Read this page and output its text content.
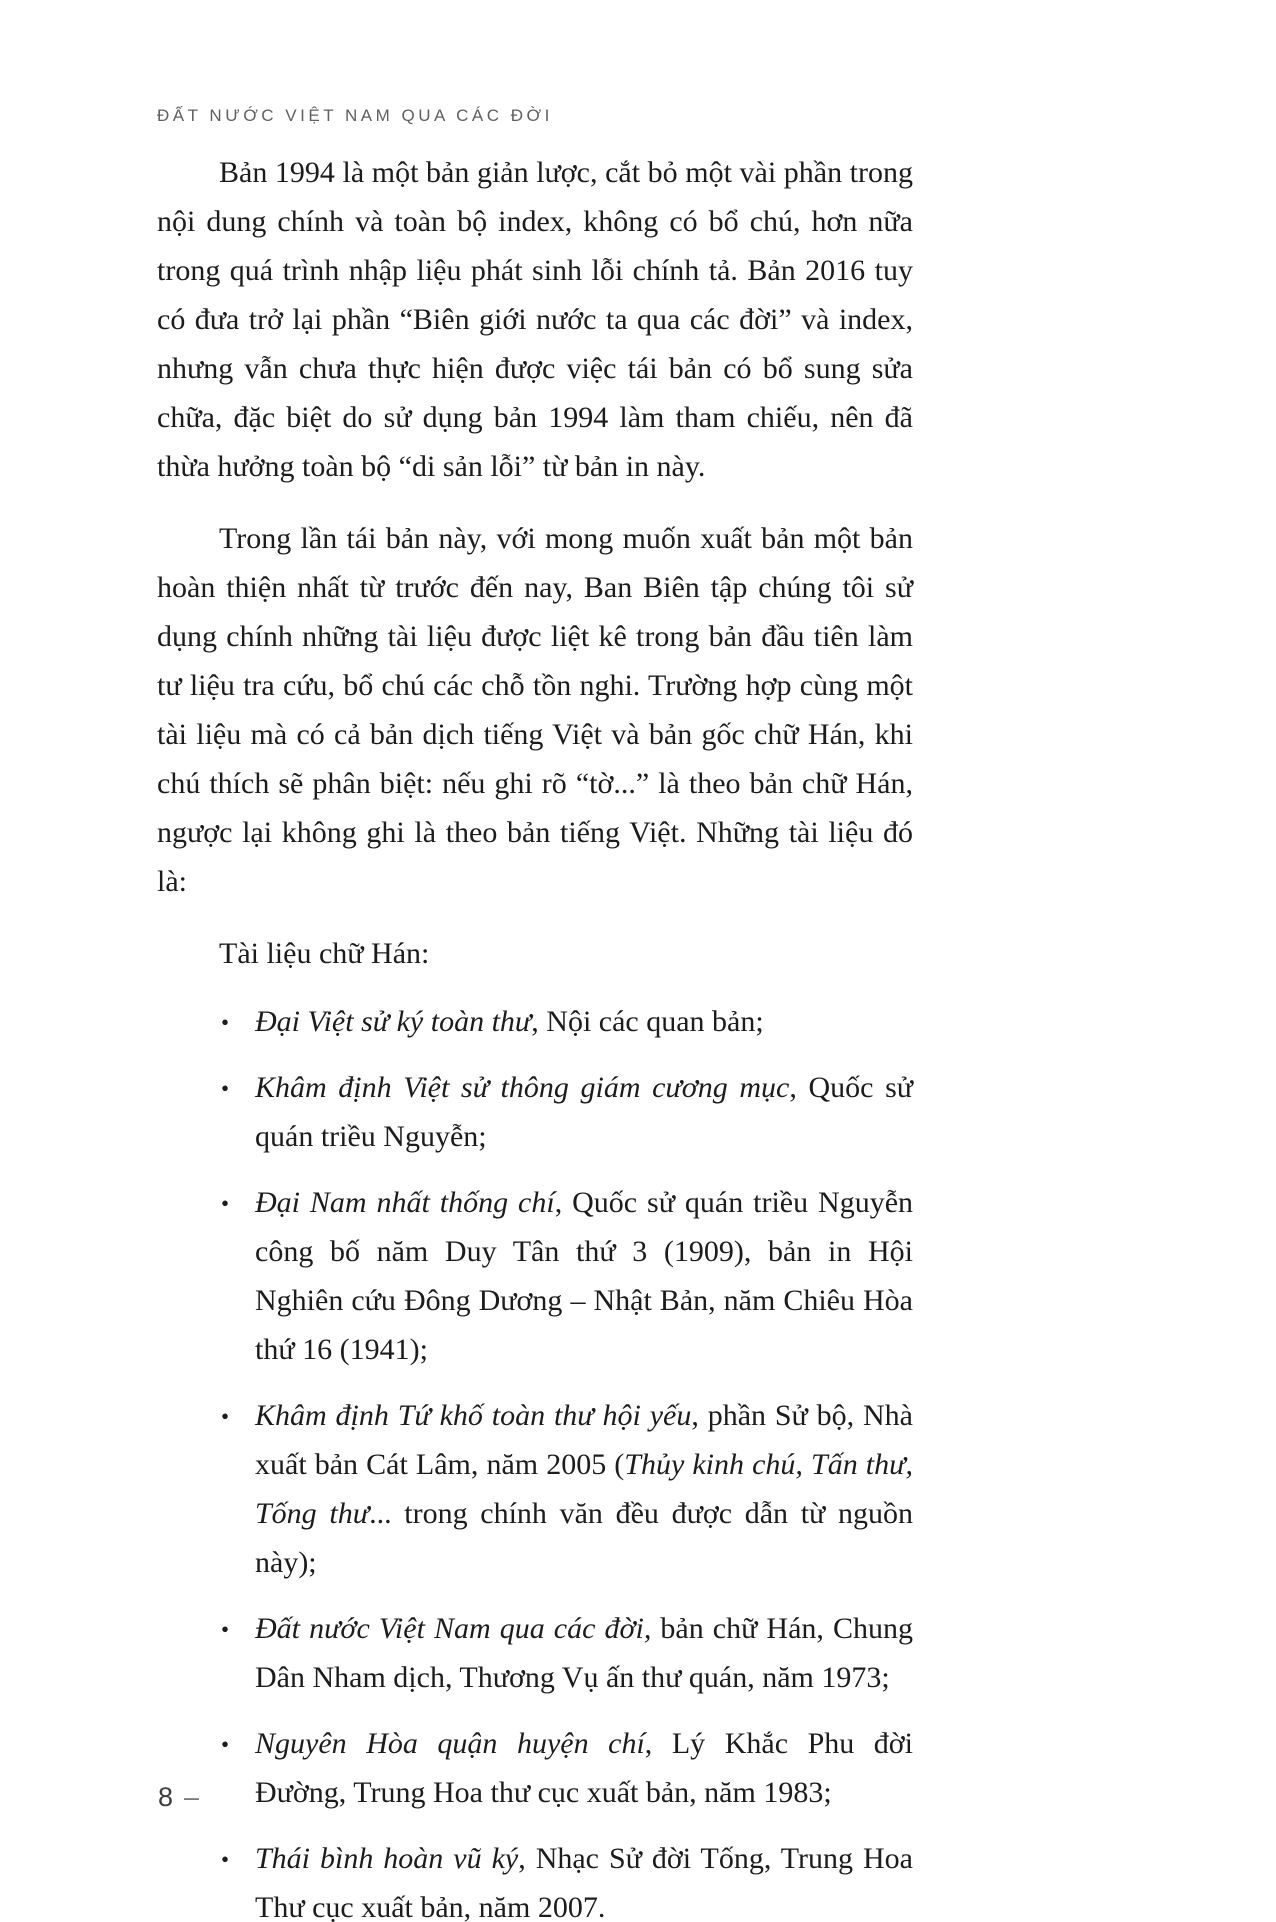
ĐẤT NƯỚC VIỆT NAM QUA CÁC ĐỜI

Bản 1994 là một bản giản lược, cắt bỏ một vài phần trong nội dung chính và toàn bộ index, không có bổ chú, hơn nữa trong quá trình nhập liệu phát sinh lỗi chính tả. Bản 2016 tuy có đưa trở lại phần “Biên giới nước ta qua các đời” và index, nhưng vẫn chưa thực hiện được việc tái bản có bổ sung sửa chữa, đặc biệt do sử dụng bản 1994 làm tham chiếu, nên đã thừa hưởng toàn bộ “di sản lỗi” từ bản in này.

Trong lần tái bản này, với mong muốn xuất bản một bản hoàn thiện nhất từ trước đến nay, Ban Biên tập chúng tôi sử dụng chính những tài liệu được liệt kê trong bản đầu tiên làm tư liệu tra cứu, bổ chú các chỗ tồn nghi. Trường hợp cùng một tài liệu mà có cả bản dịch tiếng Việt và bản gốc chữ Hán, khi chú thích sẽ phân biệt: nếu ghi rõ “tờ...” là theo bản chữ Hán, ngược lại không ghi là theo bản tiếng Việt. Những tài liệu đó là:

Tài liệu chữ Hán:

• Đại Việt sử ký toàn thư, Nội các quan bản;
• Khâm định Việt sử thông giám cương mục, Quốc sử quán triều Nguyễn;
• Đại Nam nhất thống chí, Quốc sử quán triều Nguyễn công bố năm Duy Tân thứ 3 (1909), bản in Hội Nghiên cứu Đông Dương – Nhật Bản, năm Chiêu Hòa thứ 16 (1941);
• Khâm định Tứ khố toàn thư hội yếu, phần Sử bộ, Nhà xuất bản Cát Lâm, năm 2005 (Thủy kinh chú, Tấn thư, Tống thư... trong chính văn đều được dẫn từ nguồn này);
• Đất nước Việt Nam qua các đời, bản chữ Hán, Chung Dân Nham dịch, Thương Vụ ấn thư quán, năm 1973;
• Nguyên Hòa quận huyện chí, Lý Khắc Phu đời Đường, Trung Hoa thư cục xuất bản, năm 1983;
• Thái bình hoàn vũ ký, Nhạc Sử đời Tống, Trung Hoa Thư cục xuất bản, năm 2007.
8 –
